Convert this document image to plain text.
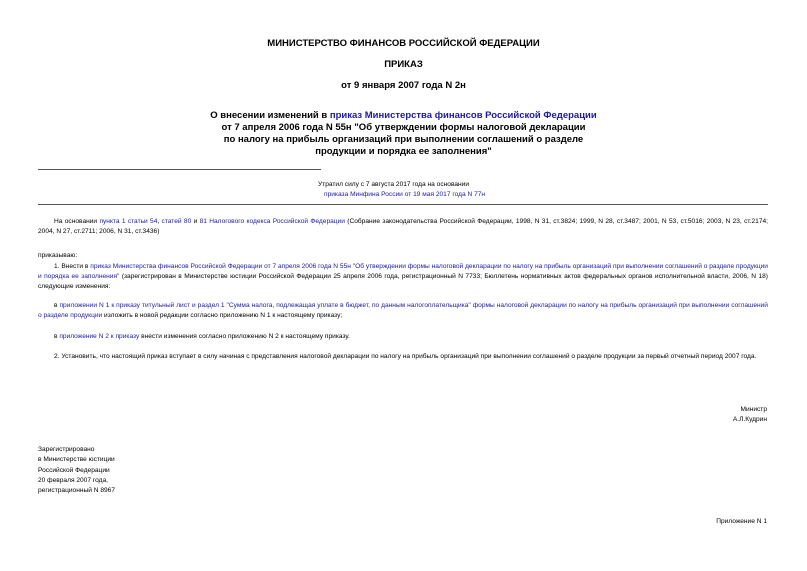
МИНИСТЕРСТВО ФИНАНСОВ РОССИЙСКОЙ ФЕДЕРАЦИИ
ПРИКАЗ
от 9 января 2007 года N 2н
О внесении изменений в приказ Министерства финансов Российской Федерации
от 7 апреля 2006 года N 55н "Об утверждении формы налоговой декларации
по налогу на прибыль организаций при выполнении соглашений о разделе
продукции и порядка ее заполнения"
Утратил силу с 7 августа 2017 года на основании
приказа Минфина России от 19 мая 2017 года N 77н
На основании пункта 1 статьи 54, статей 80 и 81 Налогового кодекса Российской Федерации (Собрание законодательства Российской Федерации, 1998, N 31, ст.3824; 1999, N 28, ст.3487; 2001, N 53, ст.5016; 2003, N 23, ст.2174; 2004, N 27, ст.2711; 2006, N 31, ст.3436)
приказываю:
1. Внести в приказ Министерства финансов Российской Федерации от 7 апреля 2006 года N 55н "Об утверждении формы налоговой декларации по налогу на прибыль организаций при выполнении соглашений о разделе продукции и порядка ее заполнения" (зарегистрирован в Министерстве юстиции Российской Федерации 25 апреля 2006 года, регистрационный N 7733; Бюллетень нормативных актов федеральных органов исполнительной власти, 2006, N 18) следующие изменения:
в приложении N 1 к приказу титульный лист и раздел 1 "Сумма налога, подлежащая уплате в бюджет, по данным налогоплательщика" формы налоговой декларации по налогу на прибыль организаций при выполнении соглашений о разделе продукции изложить в новой редакции согласно приложению N 1 к настоящему приказу;
в приложение N 2 к приказу внести изменения согласно приложению N 2 к настоящему приказу.
2. Установить, что настоящий приказ вступает в силу начиная с представления налоговой декларации по налогу на прибыль организаций при выполнении соглашений о разделе продукции за первый отчетный период 2007 года.
Министр
А.Л.Кудрин
Зарегистрировано
в Министерстве юстиции
Российской Федерации
20 февраля 2007 года,
регистрационный N 8967
Приложение N 1
